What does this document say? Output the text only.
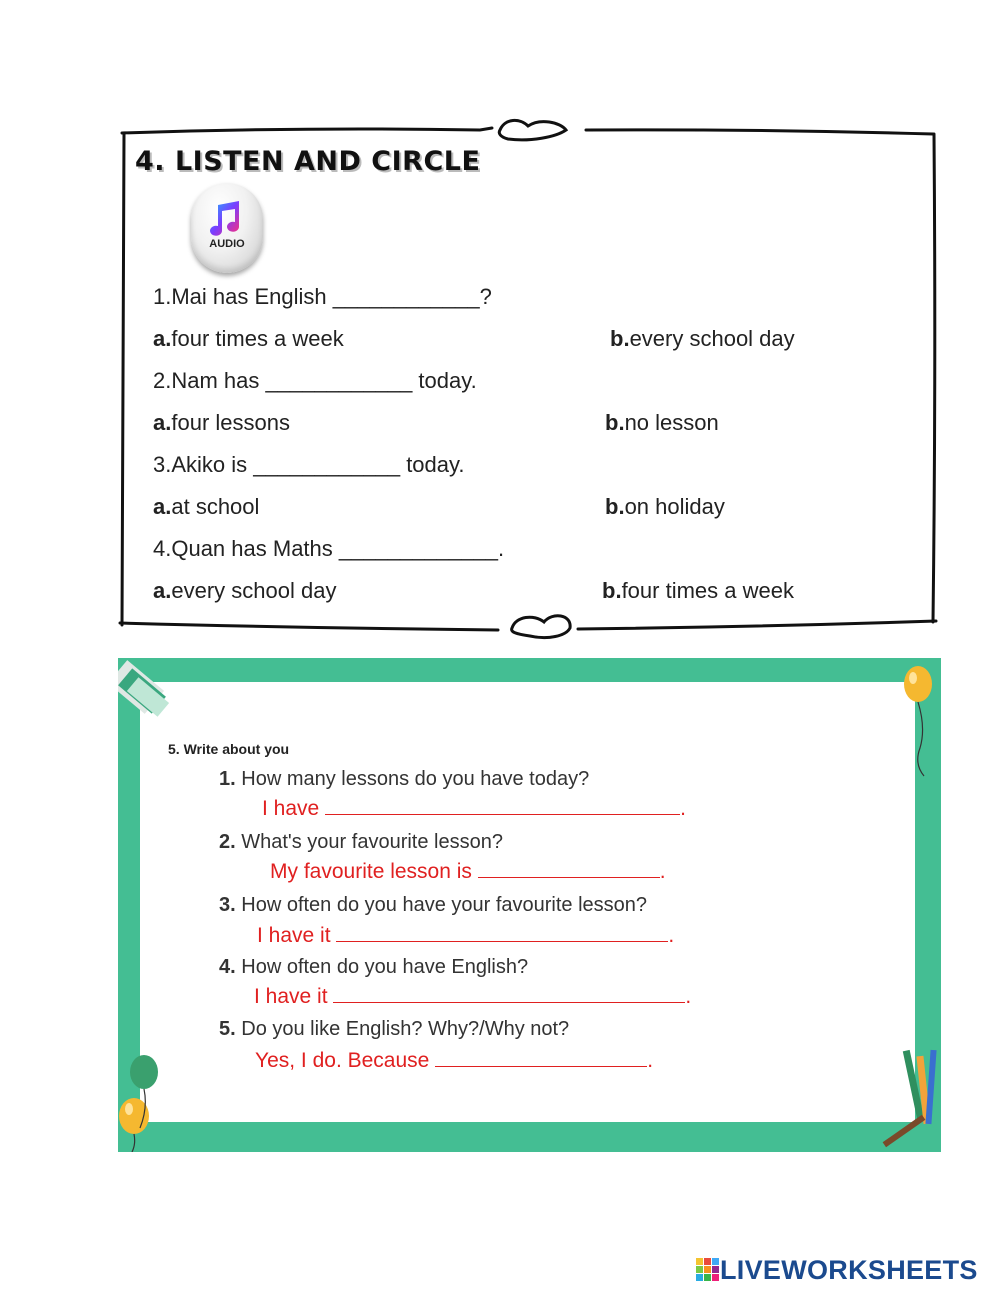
4. LISTEN AND CIRCLE
AUDIO
1.Mai has English ____________?
a.four times a week	b.every school day
2.Nam has ____________ today.
a.four lessons	b.no lesson
3.Akiko is ____________ today.
a.at school	b.on holiday
4.Quan has Maths _____________.
a.every school day	b.four times a week
5. Write about you
1. How many lessons do you have today?
I have	.
2. What's your favourite lesson?
My favourite lesson is	.
3. How often do you have your favourite lesson?
I have it	.
4. How often do you have English?
I have it	.
5. Do you like English? Why?/Why not?
Yes, I do. Because	.
LIVEWORKSHEETS
